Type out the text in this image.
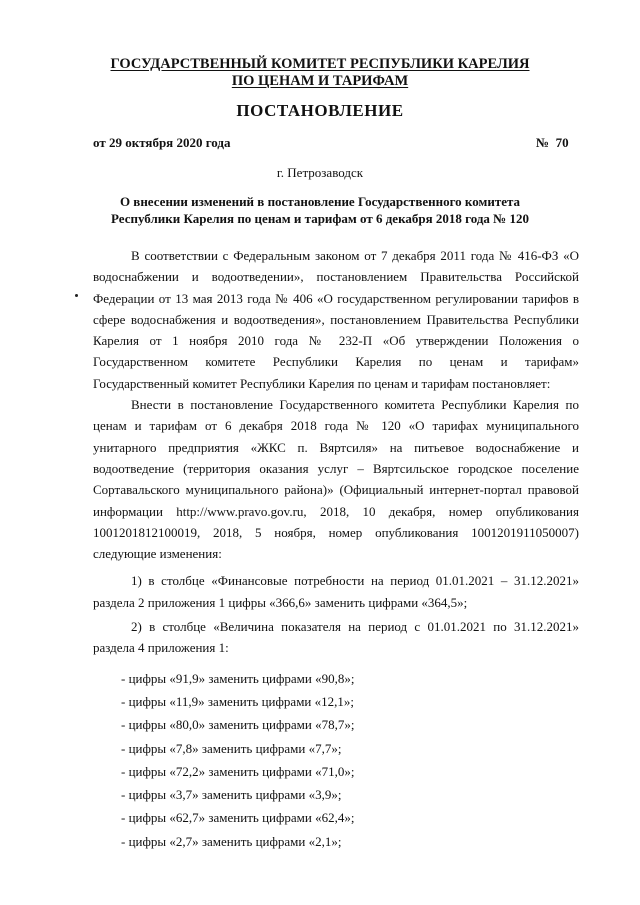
ГОСУДАРСТВЕННЫЙ КОМИТЕТ РЕСПУБЛИКИ КАРЕЛИЯ
ПО ЦЕНАМ И ТАРИФАМ
ПОСТАНОВЛЕНИЕ
от 29 октября 2020 года	№  70
г. Петрозаводск
О внесении изменений в постановление Государственного комитета
Республики Карелия по ценам и тарифам от 6 декабря 2018 года № 120

В соответствии с Федеральным законом от 7 декабря 2011 года № 416-ФЗ «О водоснабжении и водоотведении», постановлением Правительства Российской Федерации от 13 мая 2013 года № 406 «О государственном регулировании тарифов в сфере водоснабжения и водоотведения», постановлением Правительства Республики Карелия от 1 ноября 2010 года № 232-П «Об утверждении Положения о Государственном комитете Республики Карелия по ценам и тарифам» Государственный комитет Республики Карелия по ценам и тарифам постановляет:

Внести в постановление Государственного комитета Республики Карелия по ценам и тарифам от 6 декабря 2018 года № 120 «О тарифах муниципального унитарного предприятия «ЖКС п. Вяртсиля» на питьевое водоснабжение и водоотведение (территория оказания услуг – Вяртсильское городское поселение Сортавальского муниципального района)» (Официальный интернет-портал правовой информации http://www.pravo.gov.ru, 2018, 10 декабря, номер опубликования 1001201812100019, 2018, 5 ноября, номер опубликования 1001201911050007) следующие изменения:

1) в столбце «Финансовые потребности на период 01.01.2021 – 31.12.2021» раздела 2 приложения 1 цифры «366,6» заменить цифрами «364,5»;

2) в столбце «Величина показателя на период с 01.01.2021 по 31.12.2021» раздела 4 приложения 1:

- цифры «91,9» заменить цифрами «90,8»;
- цифры «11,9» заменить цифрами «12,1»;
- цифры «80,0» заменить цифрами «78,7»;
- цифры «7,8» заменить цифрами «7,7»;
- цифры «72,2» заменить цифрами «71,0»;
- цифры «3,7» заменить цифрами «3,9»;
- цифры «62,7» заменить цифрами «62,4»;
- цифры «2,7» заменить цифрами «2,1»;
